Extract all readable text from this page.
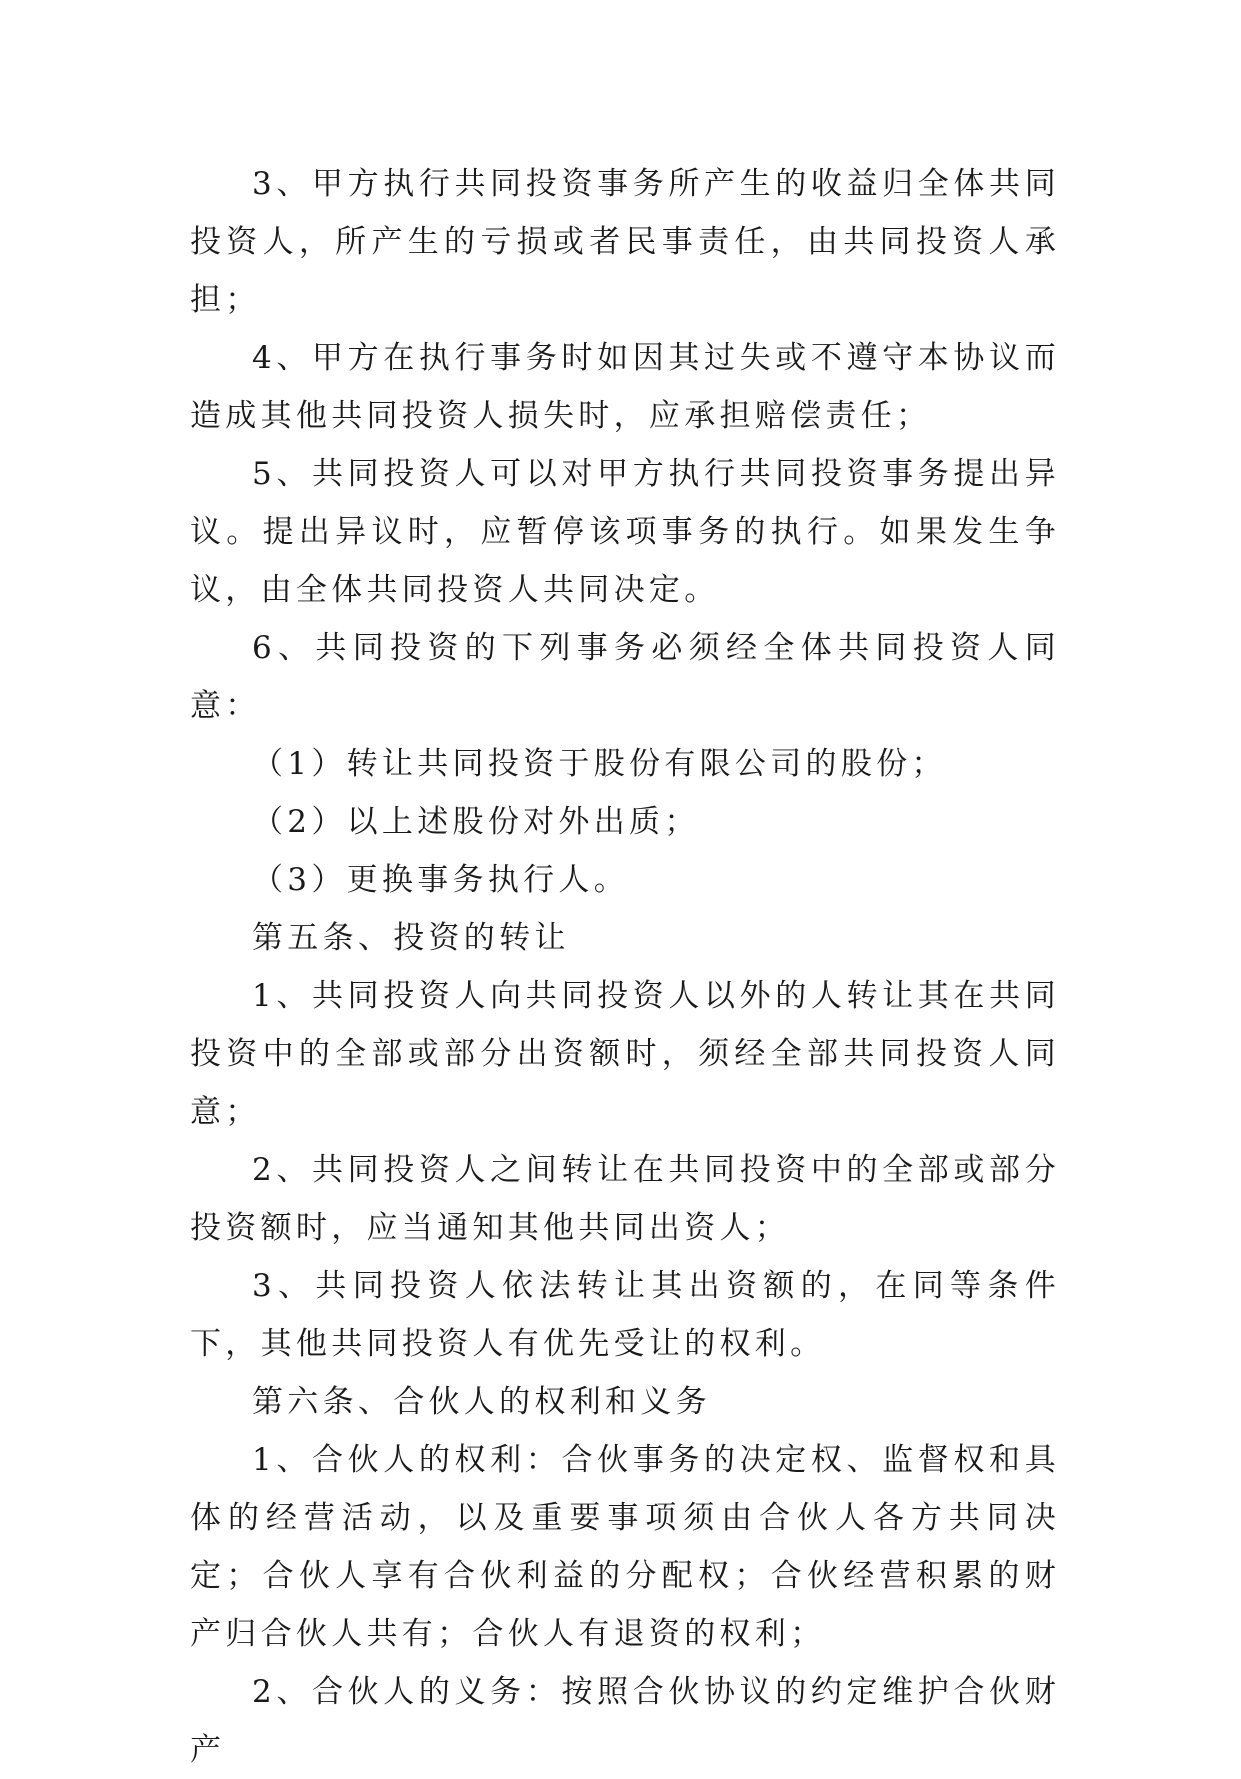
3、甲方执行共同投资事务所产生的收益归全体共同投资人，所产生的亏损或者民事责任，由共同投资人承担；

4、甲方在执行事务时如因其过失或不遵守本协议而造成其他共同投资人损失时，应承担赔偿责任；

5、共同投资人可以对甲方执行共同投资事务提出异议。提出异议时，应暂停该项事务的执行。如果发生争议，由全体共同投资人共同决定。

6、共同投资的下列事务必须经全体共同投资人同意：

（1）转让共同投资于股份有限公司的股份；

（2）以上述股份对外出质；

（3）更换事务执行人。

第五条、投资的转让

1、共同投资人向共同投资人以外的人转让其在共同投资中的全部或部分出资额时，须经全部共同投资人同意；

2、共同投资人之间转让在共同投资中的全部或部分投资额时，应当通知其他共同出资人；

3、共同投资人依法转让其出资额的，在同等条件下，其他共同投资人有优先受让的权利。

第六条、合伙人的权利和义务

1、合伙人的权利：合伙事务的决定权、监督权和具体的经营活动，以及重要事项须由合伙人各方共同决定；合伙人享有合伙利益的分配权；合伙经营积累的财产归合伙人共有；合伙人有退资的权利；

2、合伙人的义务：按照合伙协议的约定维护合伙财产
